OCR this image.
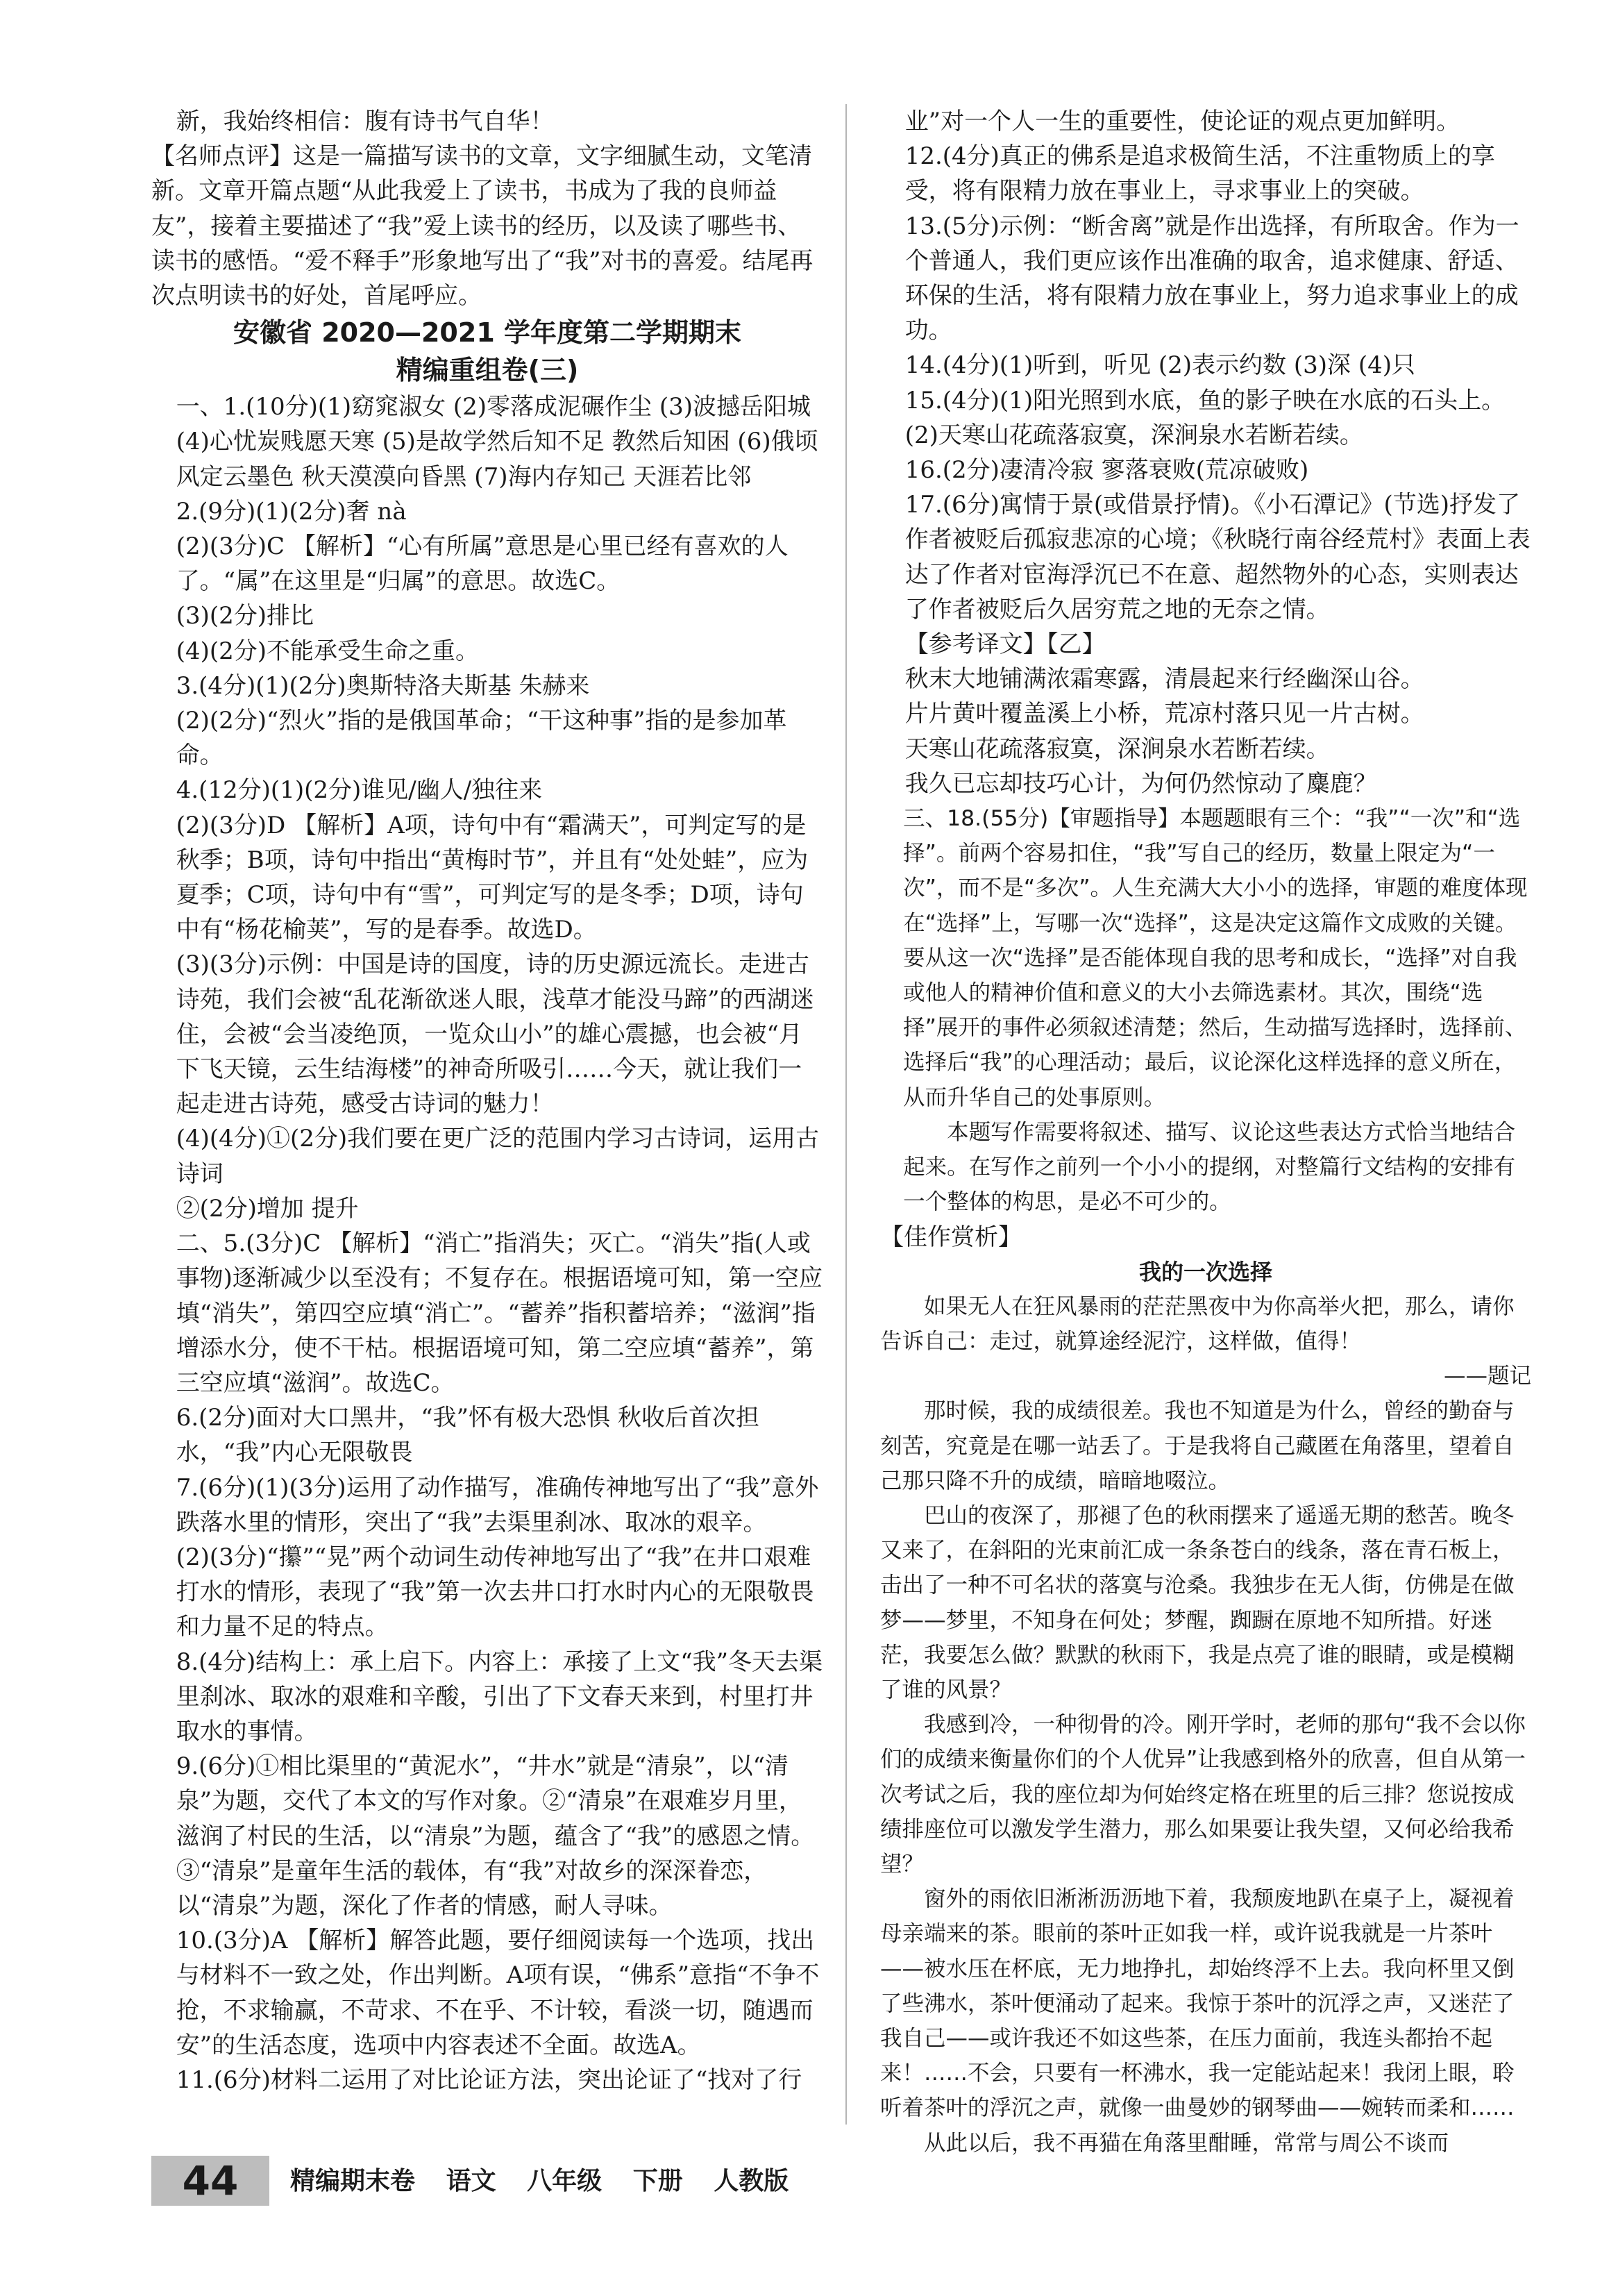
新，我始终相信：腹有诗书气自华！

【名师点评】这是一篇描写读书的文章，文字细腻生动，文笔清新。文章开篇点题“从此我爱上了读书，书成为了我的良师益友”，接着主要描述了“我”爱上读书的经历，以及读了哪些书、读书的感悟。“爱不释手”形象地写出了“我”对书的喜爱。结尾再次点明读书的好处，首尾呼应。

安徽省 2020—2021 学年度第二学期期末
精编重组卷(三)

一、1.(10分)(1)窈窕淑女 (2)零落成泥碾作尘 (3)波撼岳阳城 (4)心忧炭贱愿天寒 (5)是故学然后知不足 教然后知困 (6)俄顷风定云墨色 秋天漠漠向昏黑 (7)海内存知己 天涯若比邻

2.(9分)(1)(2分)奢 nà

(2)(3分)C 【解析】“心有所属”意思是心里已经有喜欢的人了。“属”在这里是“归属”的意思。故选C。

(3)(2分)排比

(4)(2分)不能承受生命之重。

3.(4分)(1)(2分)奥斯特洛夫斯基 朱赫来

(2)(2分)“烈火”指的是俄国革命；“干这种事”指的是参加革命。

4.(12分)(1)(2分)谁见/幽人/独往来

(2)(3分)D 【解析】A项，诗句中有“霜满天”，可判定写的是秋季；B项，诗句中指出“黄梅时节”，并且有“处处蛙”，应为夏季；C项，诗句中有“雪”，可判定写的是冬季；D项，诗句中有“杨花榆荚”，写的是春季。故选D。

(3)(3分)示例：中国是诗的国度，诗的历史源远流长。走进古诗苑，我们会被“乱花渐欲迷人眼，浅草才能没马蹄”的西湖迷住，会被“会当凌绝顶，一览众山小”的雄心震撼，也会被“月下飞天镜，云生结海楼”的神奇所吸引……今天，就让我们一起走进古诗苑，感受古诗词的魅力！

(4)(4分)①(2分)我们要在更广泛的范围内学习古诗词，运用古诗词

②(2分)增加 提升

二、5.(3分)C 【解析】“消亡”指消失；灭亡。“消失”指(人或事物)逐渐减少以至没有；不复存在。根据语境可知，第一空应填“消失”，第四空应填“消亡”。“蓄养”指积蓄培养；“滋润”指增添水分，使不干枯。根据语境可知，第二空应填“蓄养”，第三空应填“滋润”。故选C。

6.(2分)面对大口黑井，“我”怀有极大恐惧 秋收后首次担水，“我”内心无限敬畏

7.(6分)(1)(3分)运用了动作描写，准确传神地写出了“我”意外跌落水里的情形，突出了“我”去渠里刹冰、取冰的艰辛。

(2)(3分)“攥”“晃”两个动词生动传神地写出了“我”在井口艰难打水的情形，表现了“我”第一次去井口打水时内心的无限敬畏和力量不足的特点。

8.(4分)结构上：承上启下。内容上：承接了上文“我”冬天去渠里刹冰、取冰的艰难和辛酸，引出了下文春天来到，村里打井取水的事情。

9.(6分)①相比渠里的“黄泥水”，“井水”就是“清泉”，以“清泉”为题，交代了本文的写作对象。②“清泉”在艰难岁月里，滋润了村民的生活，以“清泉”为题，蕴含了“我”的感恩之情。③“清泉”是童年生活的载体，有“我”对故乡的深深眷恋，以“清泉”为题，深化了作者的情感，耐人寻味。

10.(3分)A 【解析】解答此题，要仔细阅读每一个选项，找出与材料不一致之处，作出判断。A项有误，“佛系”意指“不争不抢，不求输赢，不苛求、不在乎、不计较，看淡一切，随遇而安”的生活态度，选项中内容表述不全面。故选A。

11.(6分)材料二运用了对比论证方法，突出论证了“找对了行

业”对一个人一生的重要性，使论证的观点更加鲜明。

12.(4分)真正的佛系是追求极简生活，不注重物质上的享受，将有限精力放在事业上，寻求事业上的突破。

13.(5分)示例：“断舍离”就是作出选择，有所取舍。作为一个普通人，我们更应该作出准确的取舍，追求健康、舒适、环保的生活，将有限精力放在事业上，努力追求事业上的成功。

14.(4分)(1)听到，听见 (2)表示约数 (3)深 (4)只

15.(4分)(1)阳光照到水底，鱼的影子映在水底的石头上。

(2)天寒山花疏落寂寞，深涧泉水若断若续。

16.(2分)凄清冷寂 寥落衰败(荒凉破败)

17.(6分)寓情于景(或借景抒情)。《小石潭记》(节选)抒发了作者被贬后孤寂悲凉的心境；《秋晓行南谷经荒村》表面上表达了作者对宦海浮沉已不在意、超然物外的心态，实则表达了作者被贬后久居穷荒之地的无奈之情。

【参考译文】【乙】

秋末大地铺满浓霜寒露，清晨起来行经幽深山谷。

片片黄叶覆盖溪上小桥，荒凉村落只见一片古树。

天寒山花疏落寂寞，深涧泉水若断若续。

我久已忘却技巧心计，为何仍然惊动了麋鹿？

三、18.(55分)【审题指导】本题题眼有三个：“我”“一次”和“选择”。前两个容易扣住，“我”写自己的经历，数量上限定为“一次”，而不是“多次”。人生充满大大小小的选择，审题的难度体现在“选择”上，写哪一次“选择”，这是决定这篇作文成败的关键。要从这一次“选择”是否能体现自我的思考和成长，“选择”对自我或他人的精神价值和意义的大小去筛选素材。其次，围绕“选择”展开的事件必须叙述清楚；然后，生动描写选择时，选择前、选择后“我”的心理活动；最后，议论深化这样选择的意义所在，从而升华自己的处事原则。

本题写作需要将叙述、描写、议论这些表达方式恰当地结合起来。在写作之前列一个小小的提纲，对整篇行文结构的安排有一个整体的构思，是必不可少的。

【佳作赏析】

我的一次选择

如果无人在狂风暴雨的茫茫黑夜中为你高举火把，那么，请你告诉自己：走过，就算途经泥泞，这样做，值得！

——题记

那时候，我的成绩很差。我也不知道是为什么，曾经的勤奋与刻苦，究竟是在哪一站丢了。于是我将自己藏匿在角落里，望着自己那只降不升的成绩，暗暗地啜泣。

巴山的夜深了，那褪了色的秋雨摆来了遥遥无期的愁苦。晚冬又来了，在斜阳的光束前汇成一条条苍白的线条，落在青石板上，击出了一种不可名状的落寞与沧桑。我独步在无人街，仿佛是在做梦——梦里，不知身在何处；梦醒，踟蹰在原地不知所措。好迷茫，我要怎么做？默默的秋雨下，我是点亮了谁的眼睛，或是模糊了谁的风景？

我感到冷，一种彻骨的冷。刚开学时，老师的那句“我不会以你们的成绩来衡量你们的个人优异”让我感到格外的欣喜，但自从第一次考试之后，我的座位却为何始终定格在班里的后三排？您说按成绩排座位可以激发学生潜力，那么如果要让我失望，又何必给我希望？

窗外的雨依旧淅淅沥沥地下着，我颓废地趴在桌子上，凝视着母亲端来的茶。眼前的茶叶正如我一样，或许说我就是一片茶叶——被水压在杯底，无力地挣扎，却始终浮不上去。我向杯里又倒了些沸水，茶叶便涌动了起来。我惊于茶叶的沉浮之声，又迷茫了我自己——或许我还不如这些茶，在压力面前，我连头都抬不起来！……不会，只要有一杯沸水，我一定能站起来！我闭上眼，聆听着茶叶的浮沉之声，就像一曲曼妙的钢琴曲——婉转而柔和……

从此以后，我不再猫在角落里酣睡，常常与周公不谈而

44	精编期末卷 语文 八年级 下册 人教版
